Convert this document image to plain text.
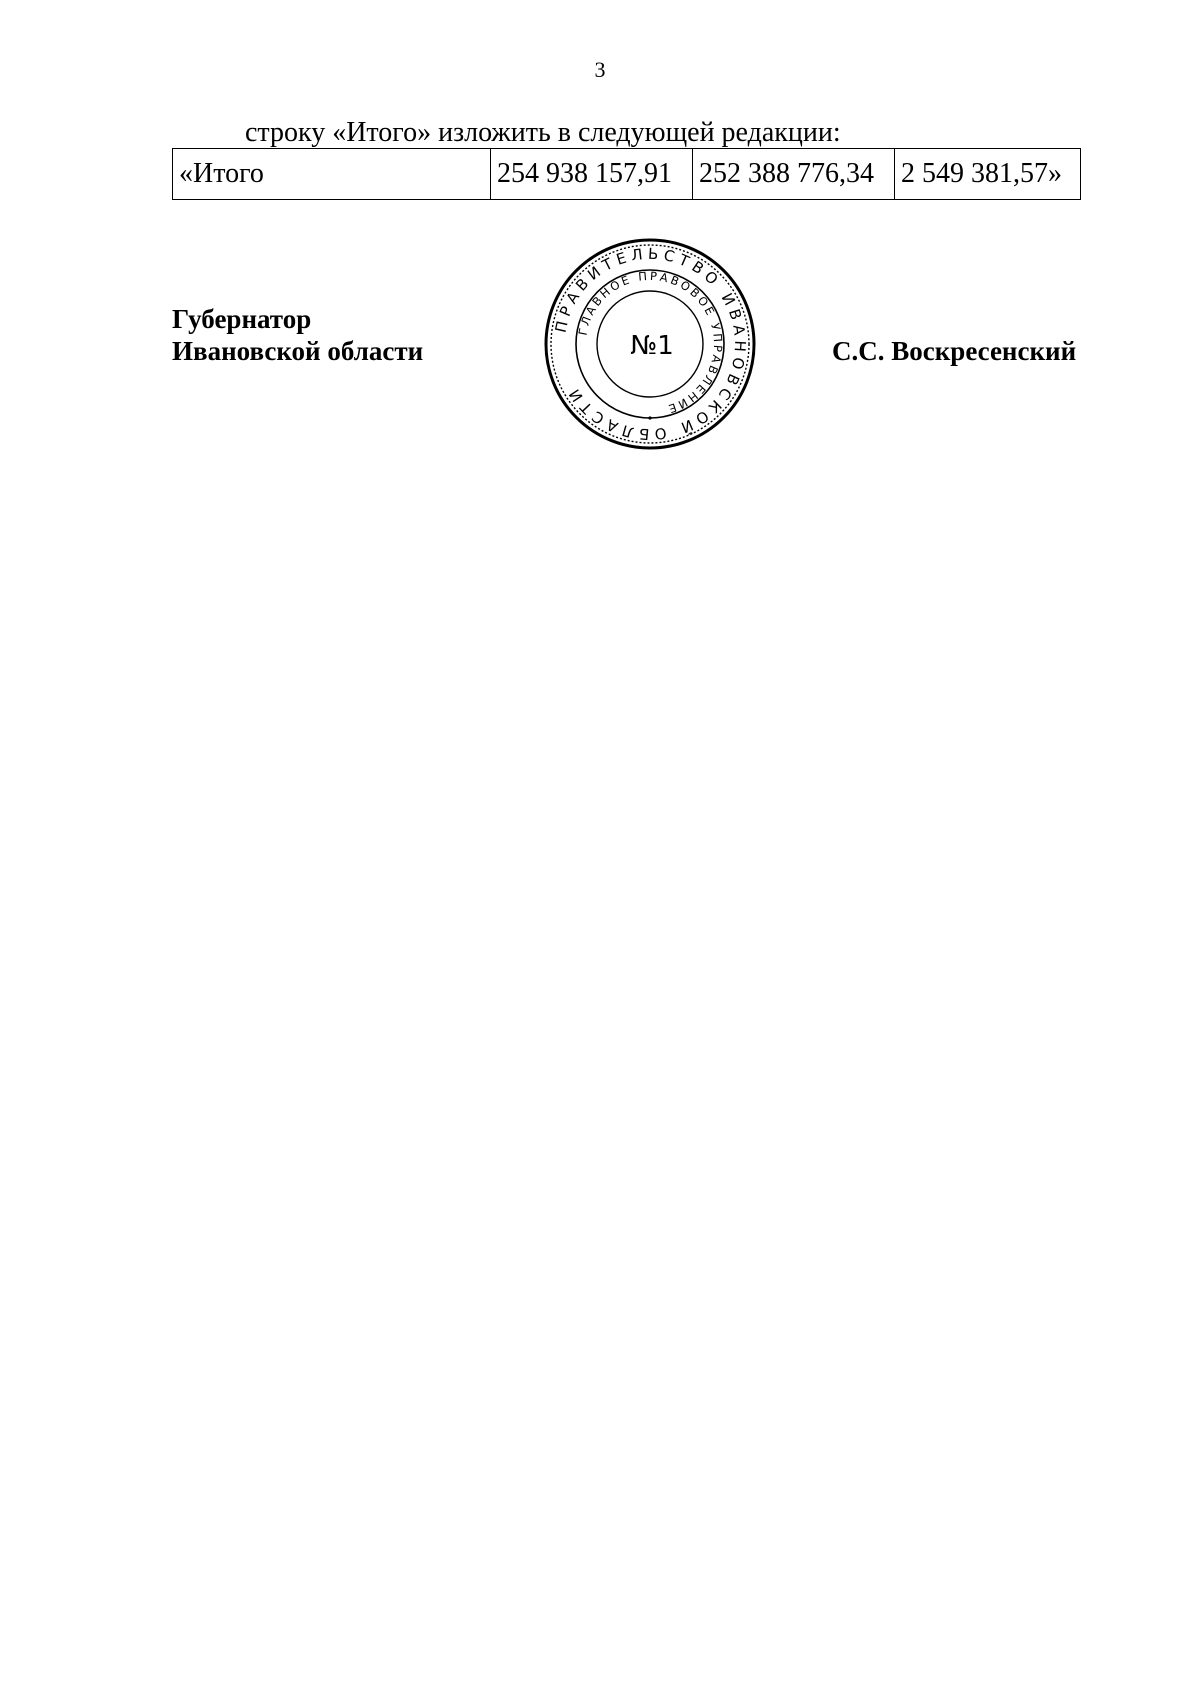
3
строку «Итого» изложить в следующей редакции:
«Итого	254 938 157,91	252 388 776,34	2 549 381,57»
Губернатор
Ивановской области
ПРАВИТЕЛЬСТВО ИВАНОВСКОЙ ОБЛАСТИ
ГЛАВНОЕ ПРАВОВОЕ УПРАВЛЕНИЕ
№1	С.С. Воскресенский
